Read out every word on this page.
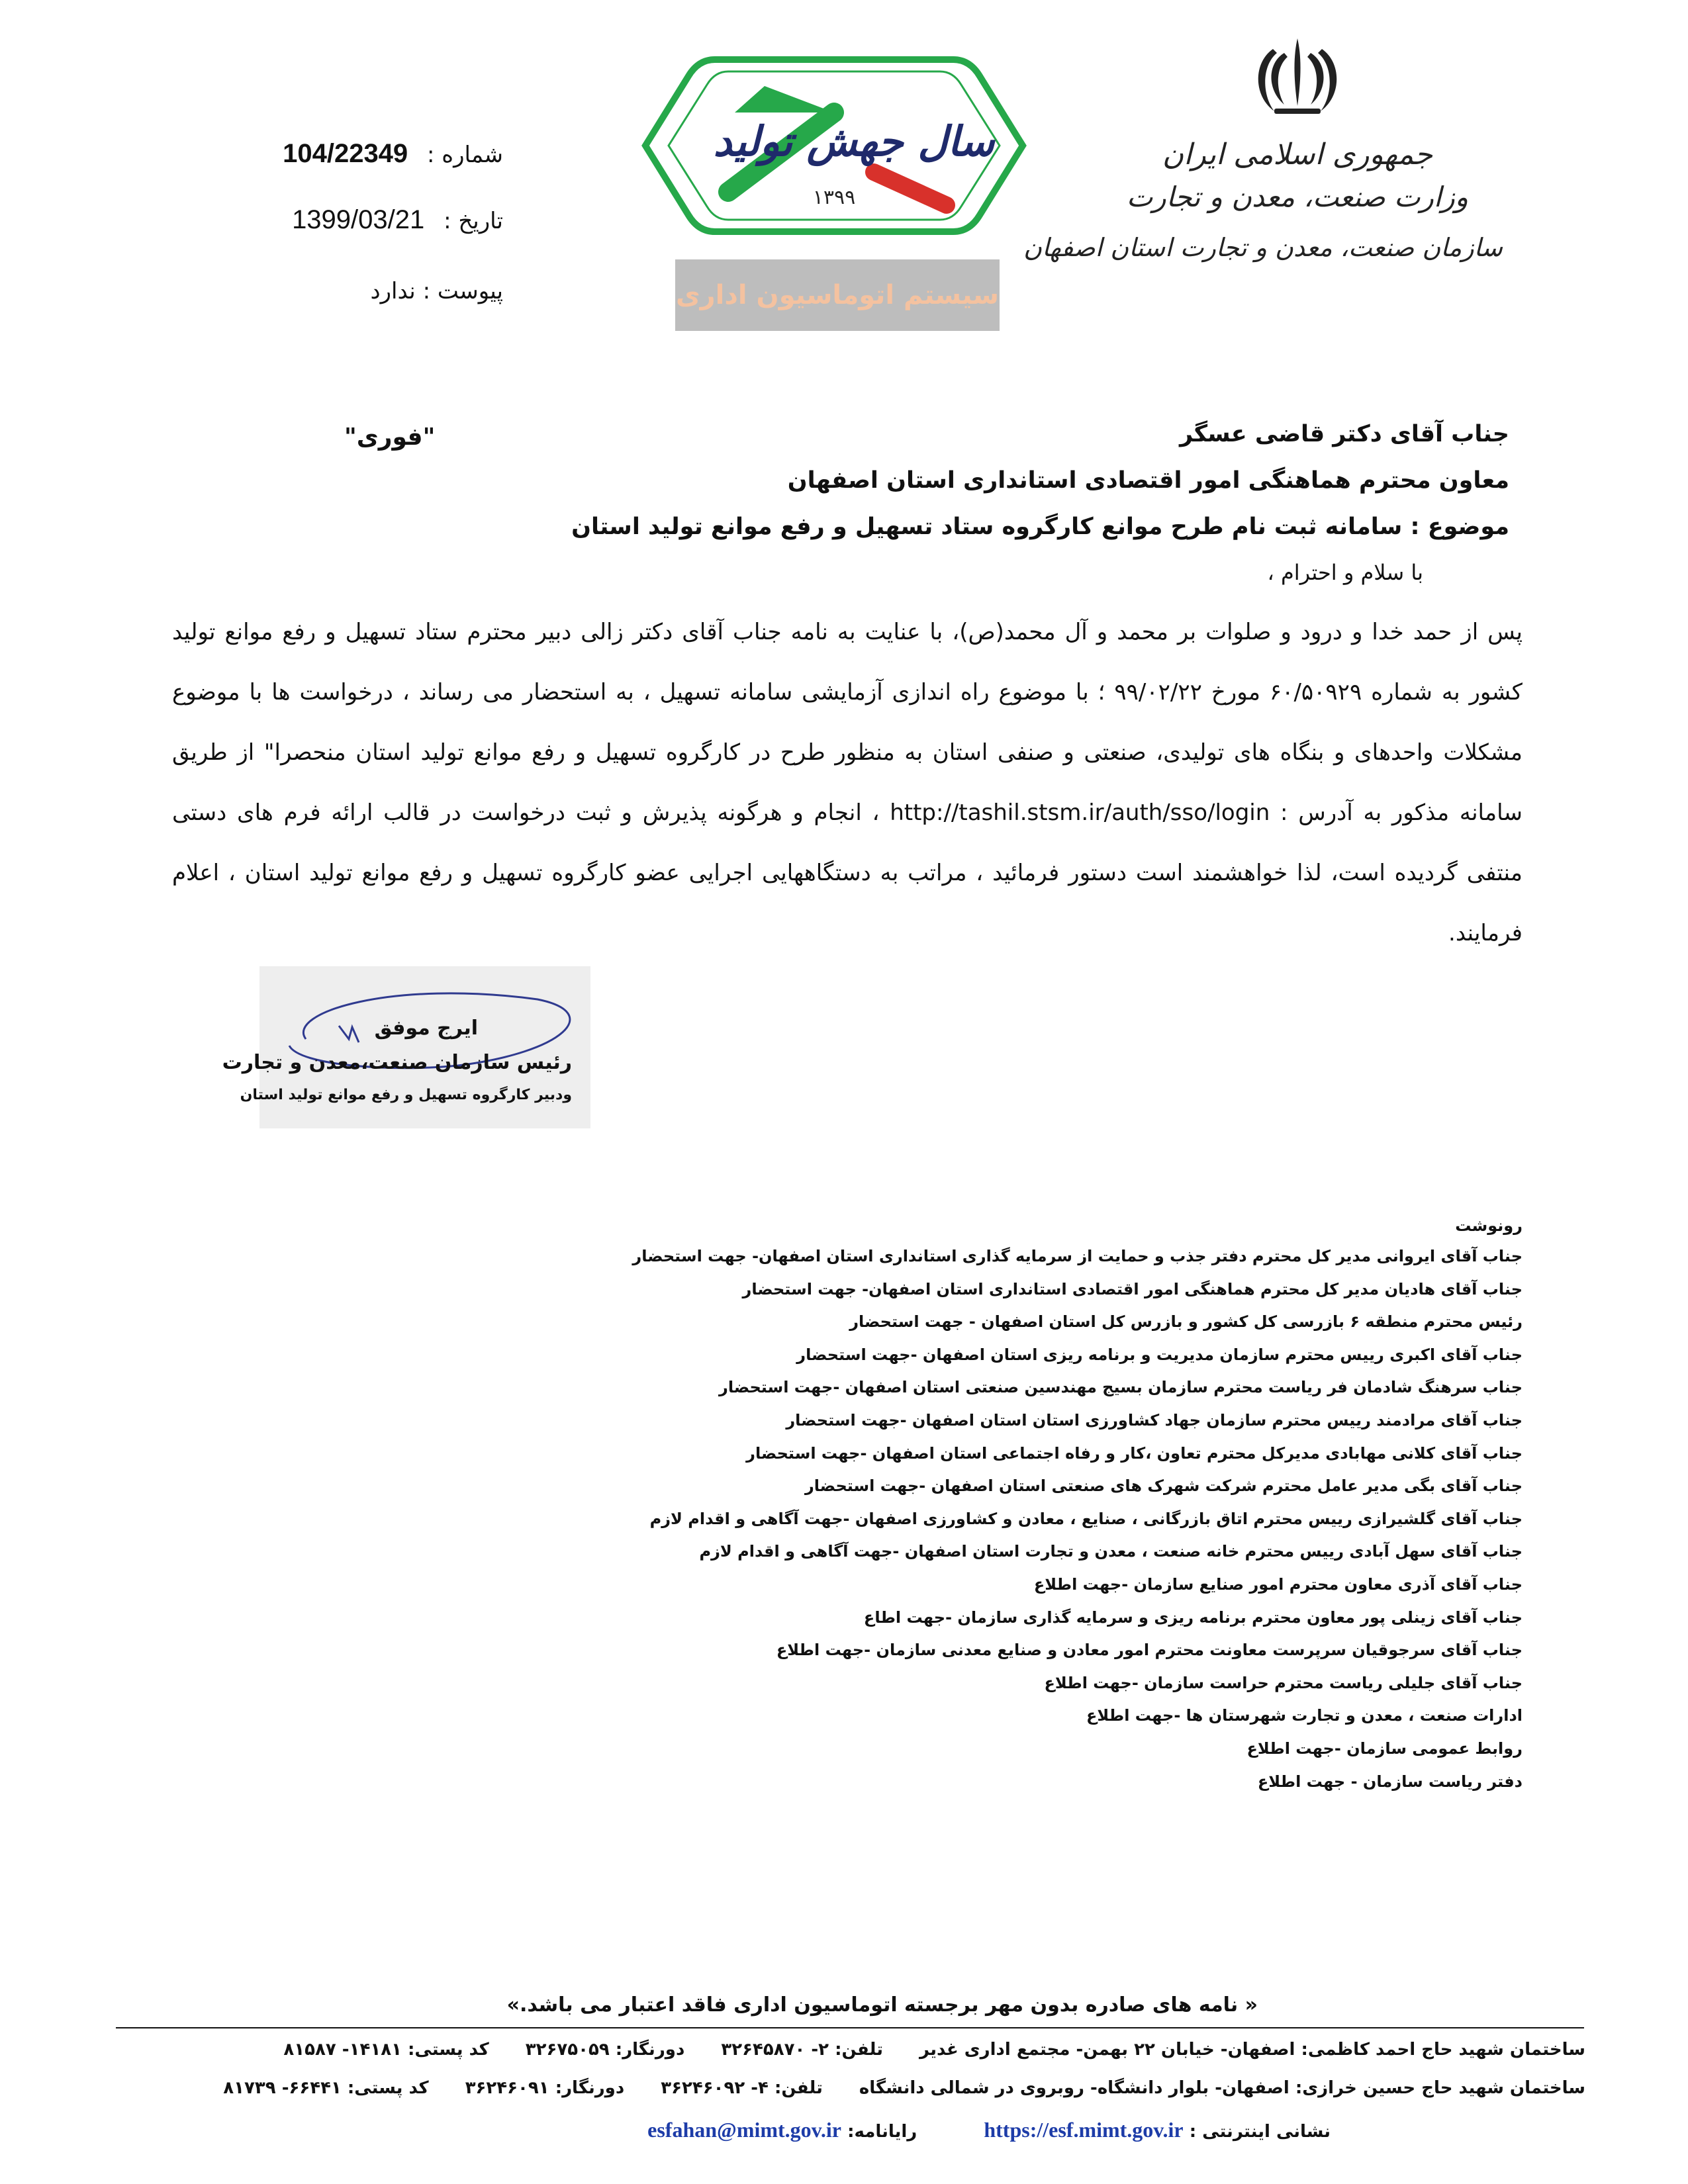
جمهوری اسلامی ایران
وزارت صنعت، معدن و تجارت
سازمان صنعت، معدن و تجارت استان اصفهان
سال جهش تولید
۱۳۹۹
سیستم اتوماسیون اداری
شماره : 104/22349
تاریخ : 1399/03/21
پیوست : ندارد
"فوری"	جناب آقای دکتر قاضی عسگر
معاون محترم هماهنگی امور اقتصادی استانداری استان اصفهان
موضوع : سامانه ثبت نام طرح موانع کارگروه ستاد تسهیل و رفع موانع تولید استان
با سلام و احترام ،
پس از حمد خدا و درود و صلوات بر محمد و آل محمد(ص)، با عنایت به نامه جناب آقای دکتر زالی دبیر محترم ستاد تسهیل و رفع موانع تولید کشور به شماره ۶۰/۵۰۹۲۹ مورخ ۹۹/۰۲/۲۲ ؛ با موضوع راه اندازی آزمایشی سامانه تسهیل ، به استحضار می رساند ، درخواست ها با موضوع مشکلات واحدهای و بنگاه های تولیدی، صنعتی و صنفی استان به منظور طرح در کارگروه تسهیل و رفع موانع تولید استان منحصرا" از طریق سامانه مذکور به آدرس : http://tashil.stsm.ir/auth/sso/login ، انجام و هرگونه پذیرش و ثبت درخواست در قالب ارائه فرم های دستی منتفی گردیده است، لذا خواهشمند است دستور فرمائید ، مراتب به دستگاههایی اجرایی عضو کارگروه تسهیل و رفع موانع تولید استان ، اعلام فرمایند.
ایرج موفق
رئیس سازمان صنعت،معدن و تجارت
ودبیر کارگروه تسهیل و رفع موانع تولید استان
رونوشت
جناب آقای ایروانی مدیر کل محترم دفتر جذب و حمایت از سرمایه گذاری استانداری استان اصفهان- جهت استحضار
جناب آقای هادیان مدیر کل محترم هماهنگی امور اقتصادی استانداری استان اصفهان- جهت استحضار
رئیس محترم منطقه ۶ بازرسی کل کشور و بازرس کل استان اصفهان - جهت استحضار
جناب آقای اکبری رییس محترم سازمان مدیریت و برنامه ریزی استان اصفهان -جهت استحضار
جناب سرهنگ شادمان فر ریاست محترم سازمان بسیج مهندسین صنعتی استان اصفهان -جهت استحضار
جناب آقای مرادمند رییس محترم سازمان جهاد کشاورزی استان استان اصفهان -جهت استحضار
جناب آقای کلانی مهابادی مدیرکل محترم تعاون ،کار و رفاه اجتماعی استان اصفهان -جهت استحضار
جناب آقای بگی مدیر عامل محترم شرکت شهرک های صنعتی استان اصفهان -جهت استحضار
جناب آقای گلشیرازی رییس محترم اتاق بازرگانی ، صنایع ، معادن و کشاورزی اصفهان -جهت آگاهی و اقدام لازم
جناب آقای سهل آبادی رییس محترم خانه صنعت ، معدن و تجارت استان اصفهان -جهت آگاهی و اقدام لازم
جناب آقای آذری معاون محترم امور صنایع سازمان -جهت اطلاع
جناب آقای زینلی پور معاون محترم برنامه ریزی و سرمایه گذاری سازمان -جهت اطاع
جناب آقای سرجوقیان سرپرست معاونت محترم امور معادن و صنایع معدنی سازمان -جهت اطلاع
جناب آقای جلیلی ریاست محترم حراست سازمان -جهت اطلاع
ادارات صنعت ، معدن و تجارت شهرستان ها -جهت اطلاع
روابط عمومی سازمان -جهت اطلاع
دفتر ریاست سازمان - جهت اطلاع
« نامه های صادره بدون مهر برجسته اتوماسیون اداری فاقد اعتبار می باشد.»
ساختمان شهید حاج احمد کاظمی: اصفهان- خیابان ۲۲ بهمن- مجتمع اداری غدیر تلفن: ۲- ۳۲۶۴۵۸۷۰ دورنگار: ۳۲۶۷۵۰۵۹ کد پستی: ۱۴۱۸۱- ۸۱۵۸۷
ساختمان شهید حاج حسین خرازی: اصفهان- بلوار دانشگاه- روبروی در شمالی دانشگاه تلفن: ۴- ۳۶۲۴۶۰۹۲ دورنگار: ۳۶۲۴۶۰۹۱ کد پستی: ۶۶۴۴۱- ۸۱۷۳۹
نشانی اینترنتی : https://esf.mimt.gov.ir رایانامه: esfahan@mimt.gov.ir
